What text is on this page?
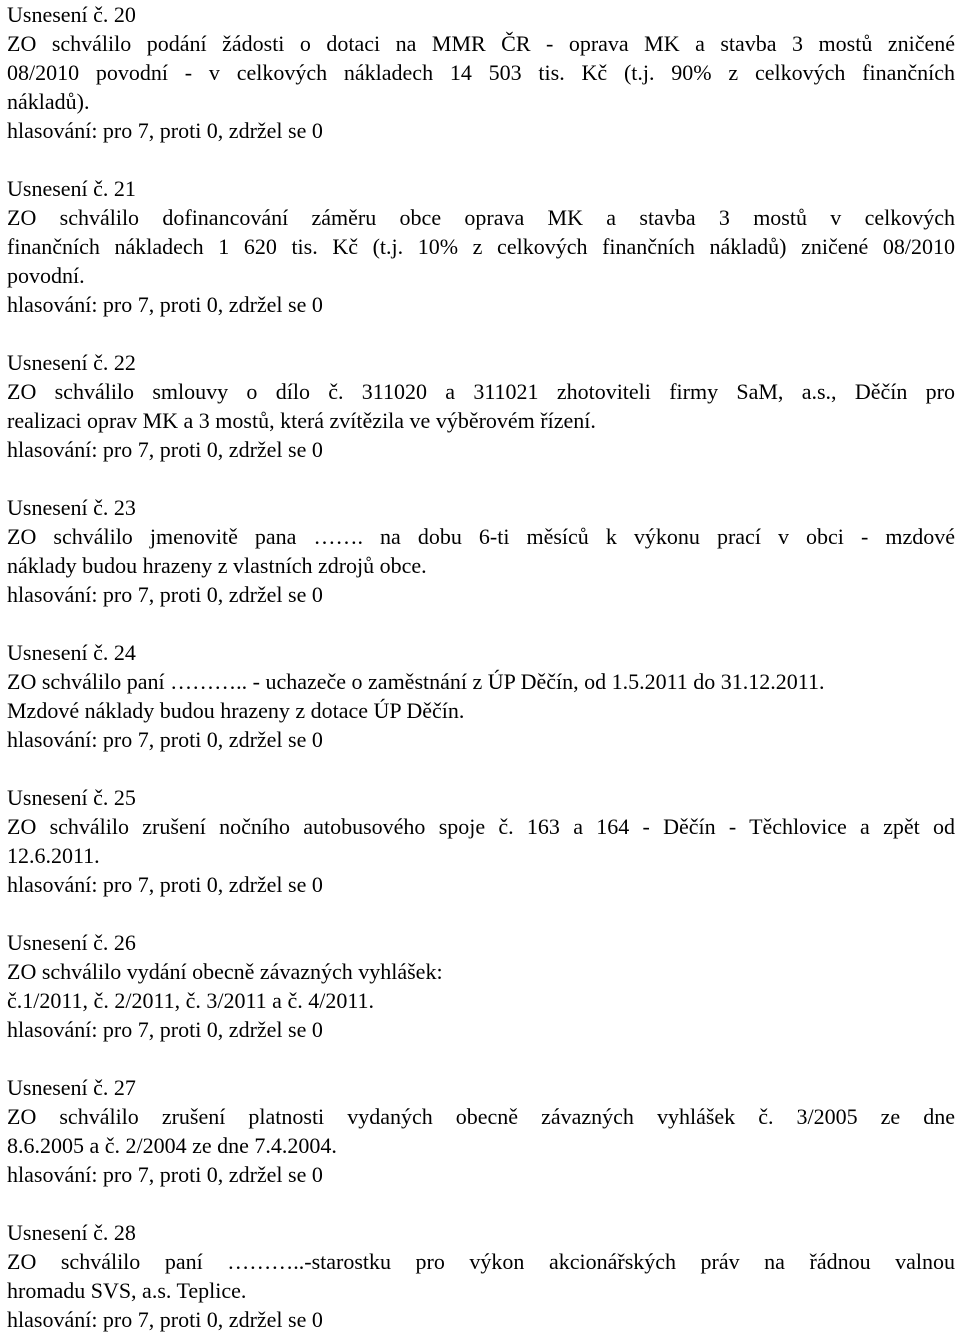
Usnesení č. 20
ZO schválilo podání žádosti o dotaci na MMR ČR - oprava MK a stavba 3 mostů zničené
08/2010 povodní - v celkových nákladech 14 503 tis. Kč (t.j. 90% z celkových finančních
nákladů).
hlasování: pro 7, proti 0, zdržel se 0
Usnesení č. 21
ZO schválilo dofinancování záměru obce oprava MK a stavba 3 mostů v celkových
finančních nákladech 1 620 tis. Kč (t.j. 10% z celkových finančních nákladů) zničené 08/2010
povodní.
hlasování: pro 7, proti 0, zdržel se 0
Usnesení č. 22
ZO schválilo smlouvy o dílo č. 311020 a 311021 zhotoviteli firmy SaM, a.s., Děčín pro
realizaci oprav MK a 3 mostů, která zvítězila ve výběrovém řízení.
hlasování: pro 7, proti 0, zdržel se 0
Usnesení č. 23
ZO schválilo jmenovitě pana ……. na dobu 6-ti měsíců k výkonu prací v obci - mzdové
náklady budou hrazeny z vlastních zdrojů obce.
hlasování: pro 7, proti 0, zdržel se 0
Usnesení č. 24
ZO schválilo paní ……….. - uchazeče o zaměstnání z ÚP Děčín, od 1.5.2011 do 31.12.2011.
Mzdové náklady budou hrazeny z dotace ÚP Děčín.
hlasování: pro 7, proti 0, zdržel se 0
Usnesení č. 25
ZO schválilo zrušení nočního autobusového spoje č. 163 a 164 - Děčín - Těchlovice a zpět od
12.6.2011.
hlasování: pro 7, proti 0, zdržel se 0
Usnesení č. 26
ZO schválilo vydání obecně závazných vyhlášek:
č.1/2011, č. 2/2011, č. 3/2011 a č. 4/2011.
hlasování: pro 7, proti 0, zdržel se 0
Usnesení č. 27
ZO schválilo zrušení platnosti vydaných obecně závazných vyhlášek č. 3/2005 ze dne
8.6.2005 a č. 2/2004 ze dne 7.4.2004.
hlasování: pro 7, proti 0, zdržel se 0
Usnesení č. 28
ZO schválilo paní ………..-starostku pro výkon akcionářských práv na řádnou valnou
hromadu SVS, a.s. Teplice.
hlasování: pro 7, proti 0, zdržel se 0
